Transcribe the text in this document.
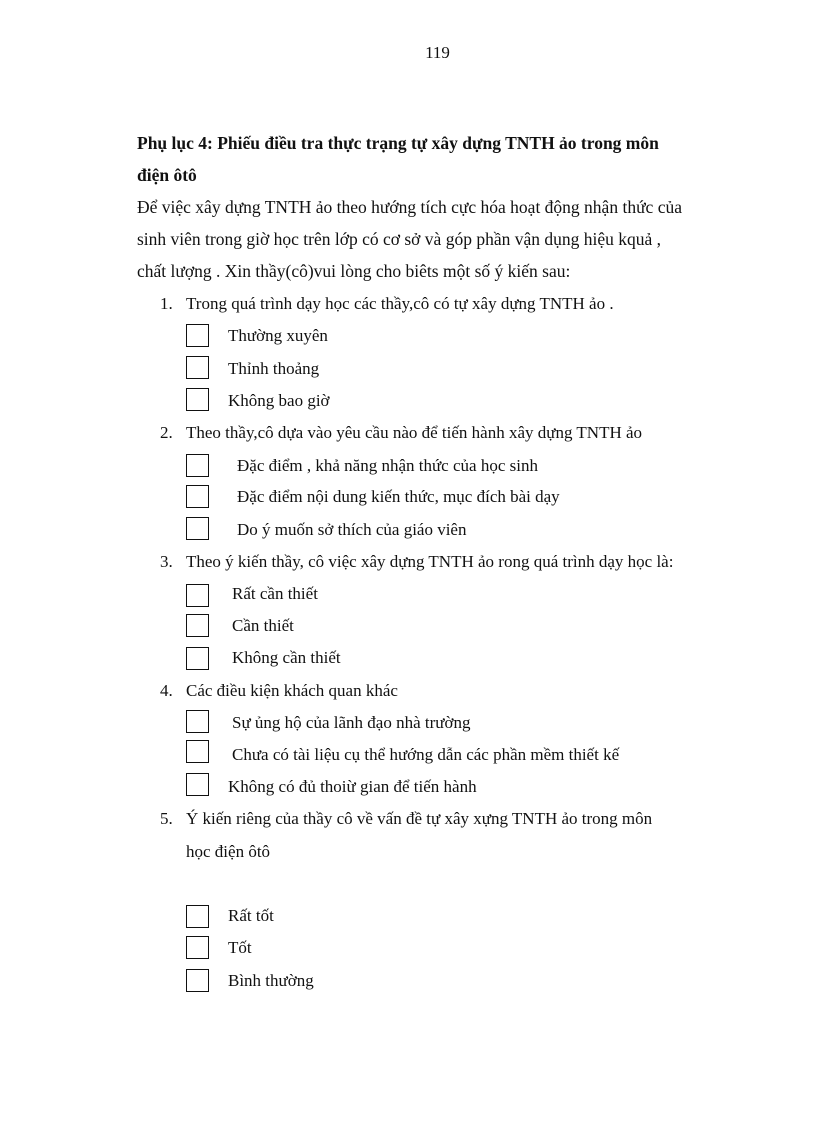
119
Phụ lục 4: Phiếu điều tra thực trạng tự xây dựng TNTH ảo trong môn
điện ôtô
Để việc xây dựng TNTH ảo theo hướng tích cực hóa hoạt động nhận thức của
sinh viên trong giờ học trên lớp có cơ sở và góp phần vận dụng hiệu kquả ,
chất lượng . Xin thầy(cô)vui lòng cho biêts một số ý kiến sau:
1. Trong quá trình dạy học các thầy,cô có tự xây dựng TNTH ảo .
Thường xuyên
Thỉnh thoảng
Không bao giờ
2. Theo thầy,cô dựa vào yêu cầu nào để tiến hành xây dựng TNTH ảo
Đặc điểm , khả năng nhận thức của học sinh
Đặc điểm nội dung kiến thức, mục đích bài dạy
Do ý muốn sở thích của giáo viên
3. Theo ý kiến thầy, cô việc xây dựng TNTH ảo rong quá trình dạy học là:
Rất cần thiết
Cần thiết
Không cần thiết
4. Các điều kiện khách quan khác
Sự ủng hộ của lãnh đạo nhà trường
Chưa có tài liệu cụ thể hướng dẫn các phần mềm thiết kế
Không có đủ thoiừ gian để tiến hành
5. Ý kiến riêng của thầy cô về vấn đề tự xây xựng TNTH ảo trong môn
học điện ôtô
Rất tốt
Tốt
Bình thường
